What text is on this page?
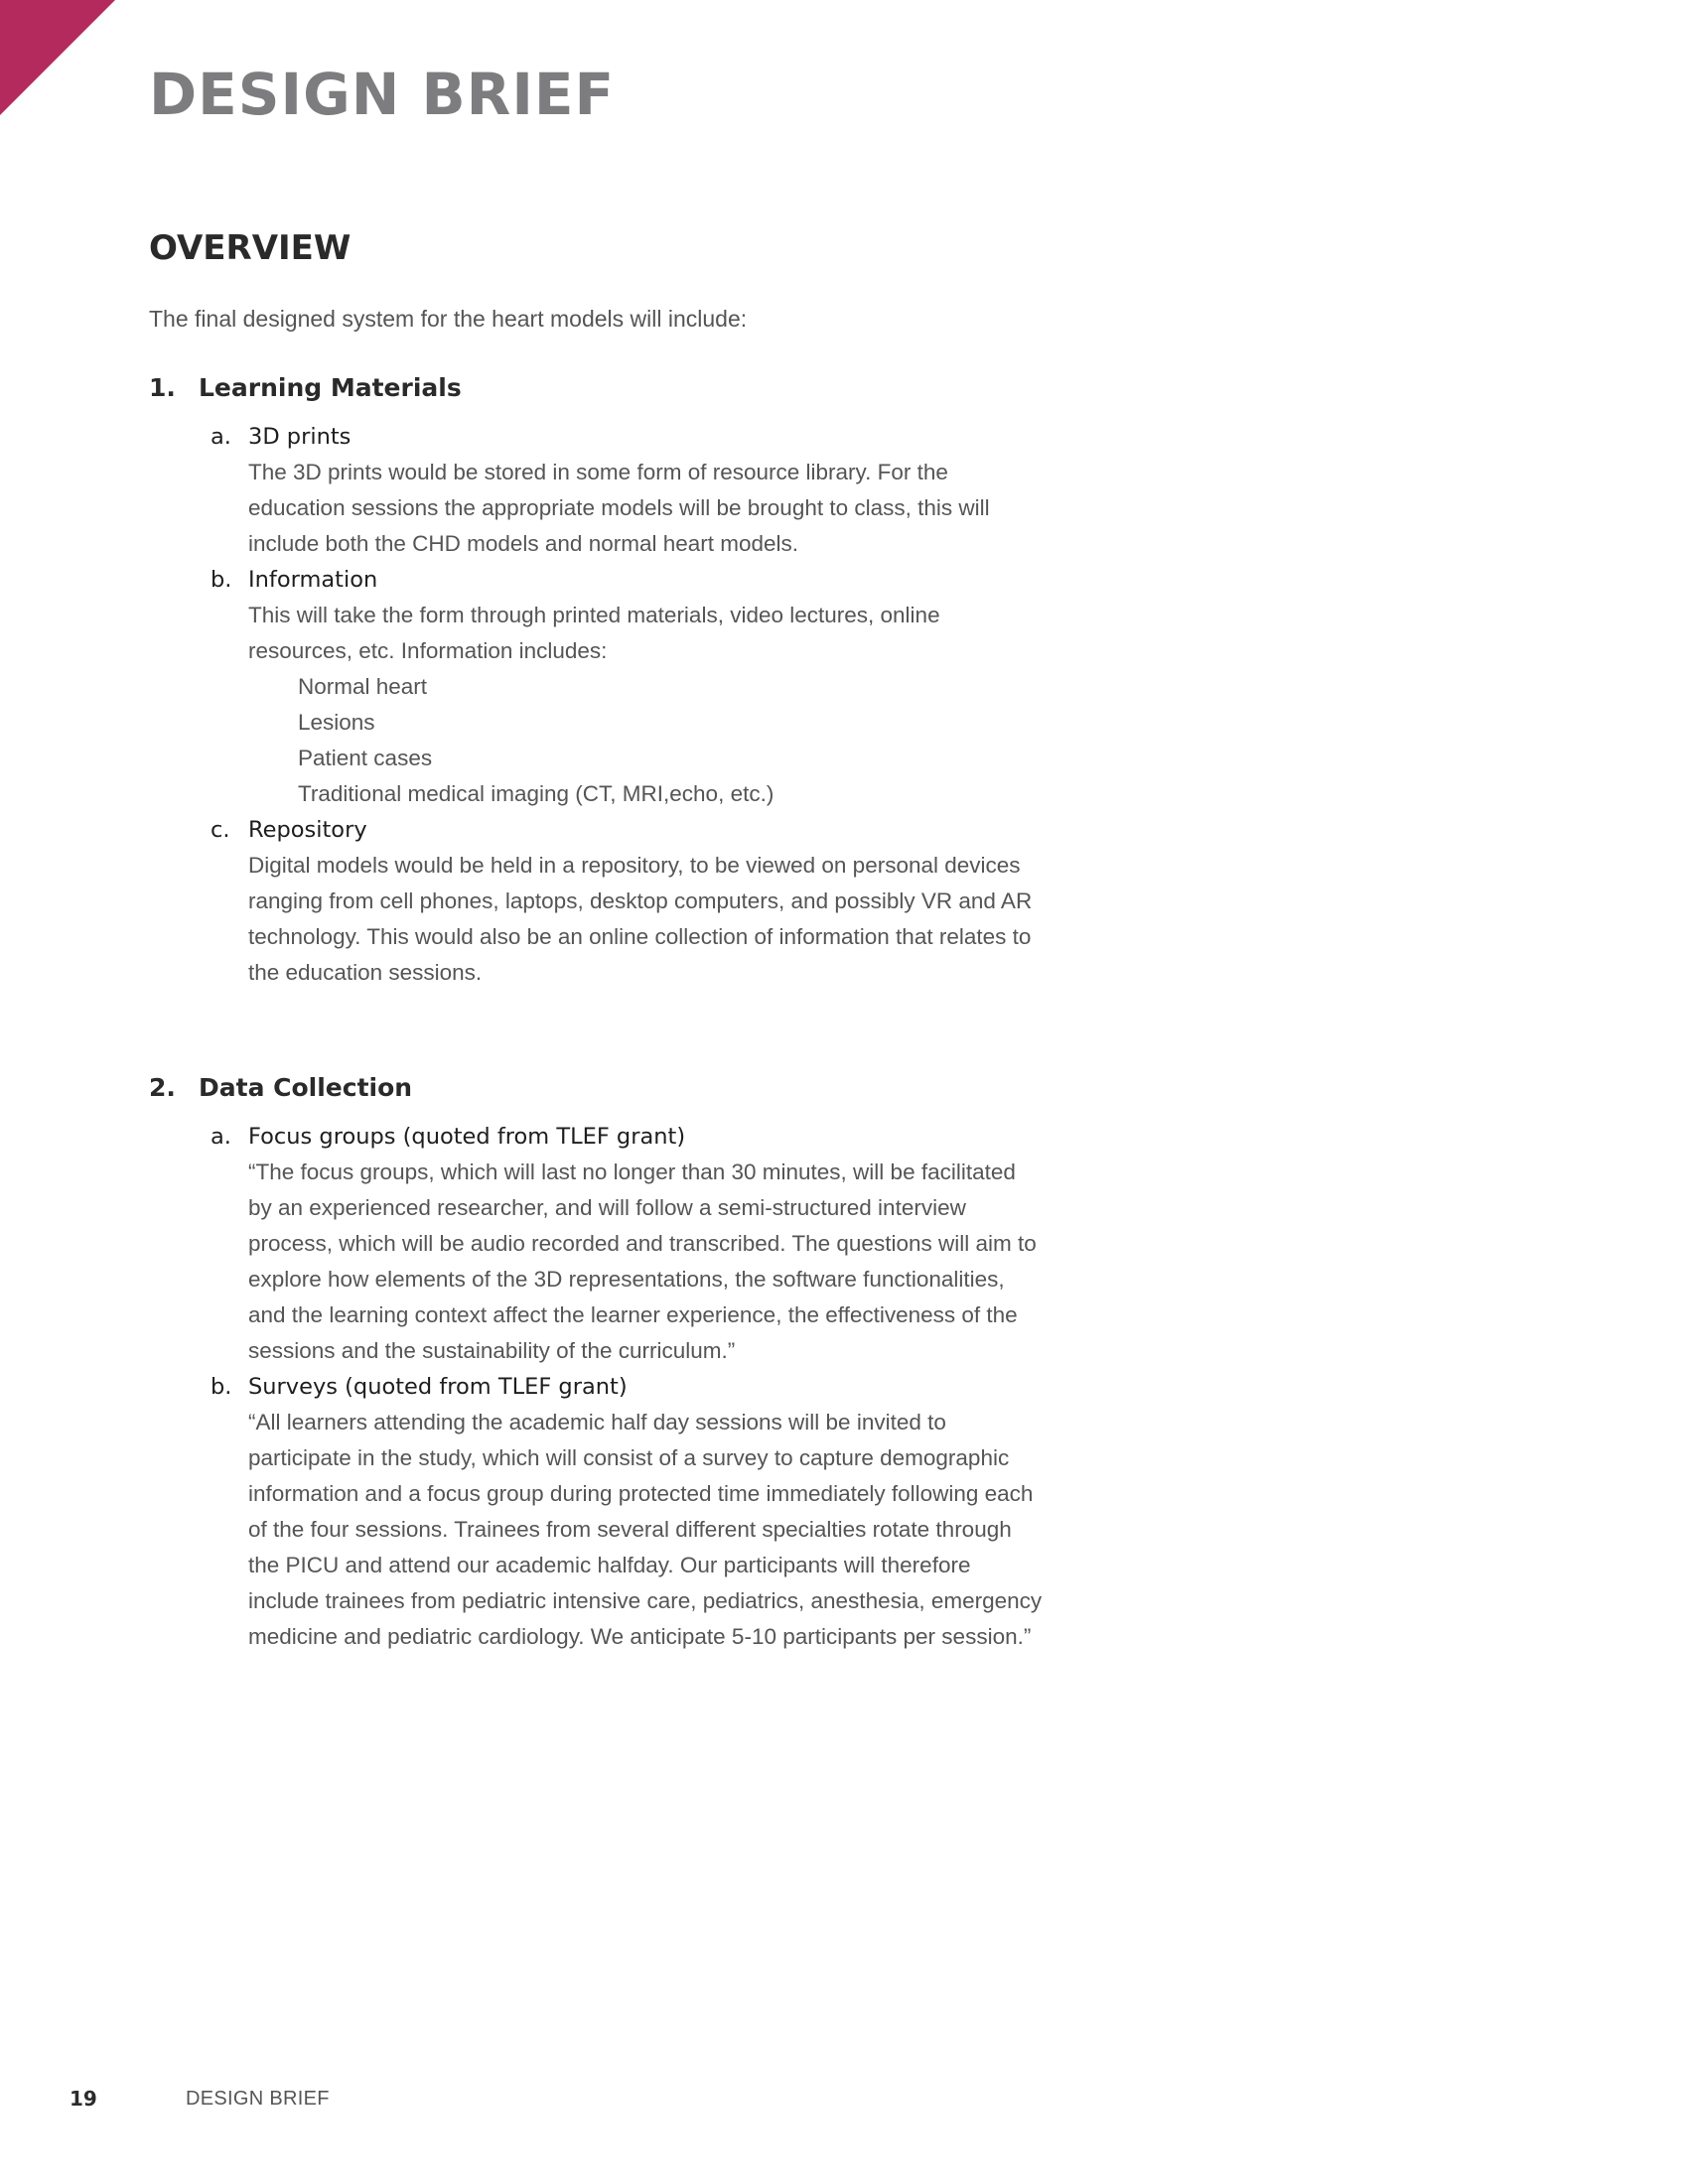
DESIGN BRIEF
OVERVIEW

The final designed system for the heart models will include:

1. Learning Materials
a. 3D prints

The 3D prints would be stored in some form of resource library. For the education sessions the appropriate models will be brought to class, this will include both the CHD models and normal heart models.

b. Information

This will take the form through printed materials, video lectures, online resources, etc. Information includes:

Normal heart
Lesions
Patient cases
Traditional medical imaging (CT, MRI,echo, etc.)
c. Repository

Digital models would be held in a repository, to be viewed on personal devices ranging from cell phones, laptops, desktop computers, and possibly VR and AR technology. This would also be an online collection of information that relates to the education sessions.

2. Data Collection
a. Focus groups (quoted from TLEF grant)

“The focus groups, which will last no longer than 30 minutes, will be facilitated by an experienced researcher, and will follow a semi-structured interview process, which will be audio recorded and transcribed. The questions will aim to explore how elements of the 3D representations, the software functionalities, and the learning context affect the learner experience, the effectiveness of the sessions and the sustainability of the curriculum.”

b. Surveys (quoted from TLEF grant)

“All learners attending the academic half day sessions will be invited to participate in the study, which will consist of a survey to capture demographic information and a focus group during protected time immediately following each of the four sessions. Trainees from several different specialties rotate through the PICU and attend our academic halfday. Our participants will therefore include trainees from pediatric intensive care, pediatrics, anesthesia, emergency medicine and pediatric cardiology. We anticipate 5-10 participants per session.”

19	DESIGN BRIEF
